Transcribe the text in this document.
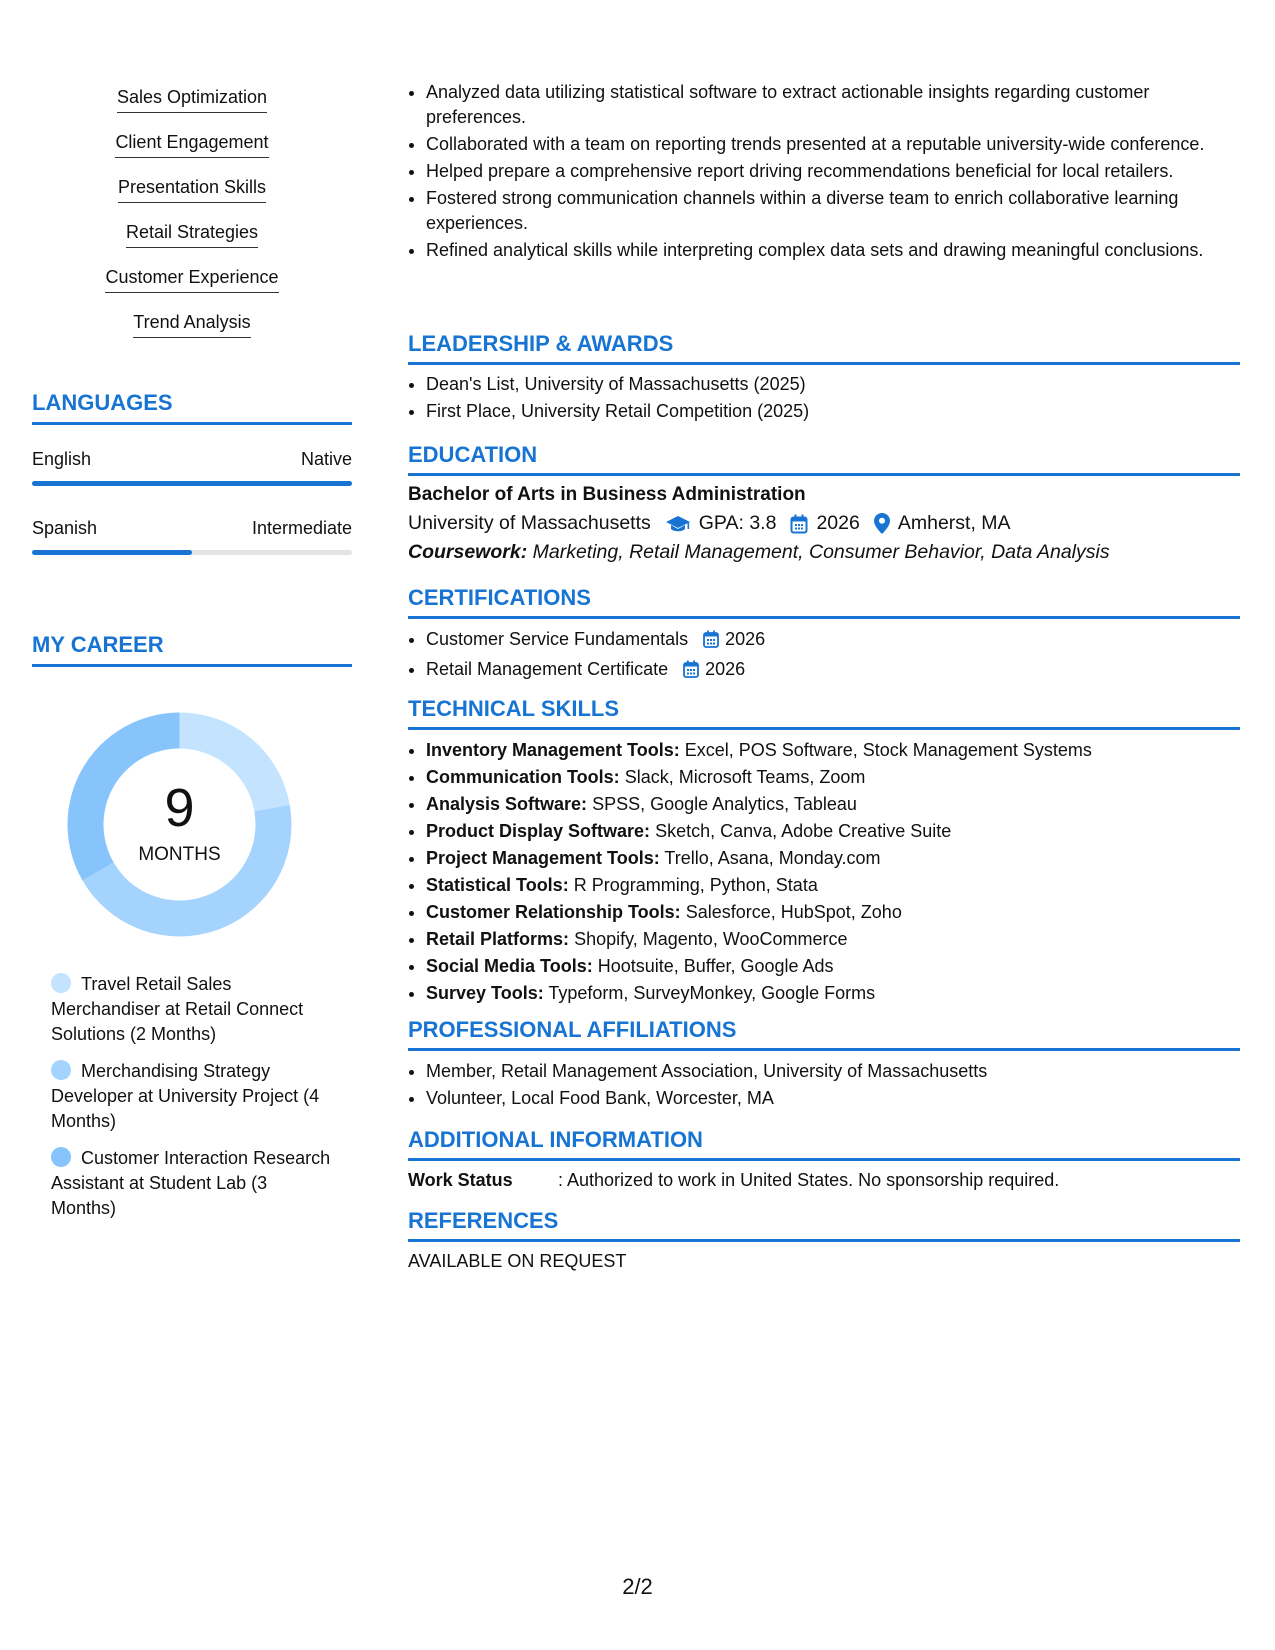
Sales Optimization
Client Engagement
Presentation Skills
Retail Strategies
Customer Experience
Trend Analysis
LANGUAGES
English	Native
Spanish	Intermediate
MY CAREER
9
MONTHS
Travel Retail Sales Merchandiser at Retail Connect Solutions (2 Months)
Merchandising Strategy Developer at University Project (4 Months)
Customer Interaction Research Assistant at Student Lab (3 Months)
• Analyzed data utilizing statistical software to extract actionable insights regarding customer preferences.
• Collaborated with a team on reporting trends presented at a reputable university-wide conference.
• Helped prepare a comprehensive report driving recommendations beneficial for local retailers.
• Fostered strong communication channels within a diverse team to enrich collaborative learning experiences.
• Refined analytical skills while interpreting complex data sets and drawing meaningful conclusions.
LEADERSHIP & AWARDS
• Dean's List, University of Massachusetts (2025)
• First Place, University Retail Competition (2025)
EDUCATION
Bachelor of Arts in Business Administration
University of Massachusetts GPA: 3.8 2026 Amherst, MA
Coursework: Marketing, Retail Management, Consumer Behavior, Data Analysis
CERTIFICATIONS
• Customer Service Fundamentals 2026
• Retail Management Certificate 2026
TECHNICAL SKILLS
• Inventory Management Tools: Excel, POS Software, Stock Management Systems
• Communication Tools: Slack, Microsoft Teams, Zoom
• Analysis Software: SPSS, Google Analytics, Tableau
• Product Display Software: Sketch, Canva, Adobe Creative Suite
• Project Management Tools: Trello, Asana, Monday.com
• Statistical Tools: R Programming, Python, Stata
• Customer Relationship Tools: Salesforce, HubSpot, Zoho
• Retail Platforms: Shopify, Magento, WooCommerce
• Social Media Tools: Hootsuite, Buffer, Google Ads
• Survey Tools: Typeform, SurveyMonkey, Google Forms
PROFESSIONAL AFFILIATIONS
• Member, Retail Management Association, University of Massachusetts
• Volunteer, Local Food Bank, Worcester, MA
ADDITIONAL INFORMATION
Work Status	: Authorized to work in United States. No sponsorship required.
REFERENCES
AVAILABLE ON REQUEST
2/2
